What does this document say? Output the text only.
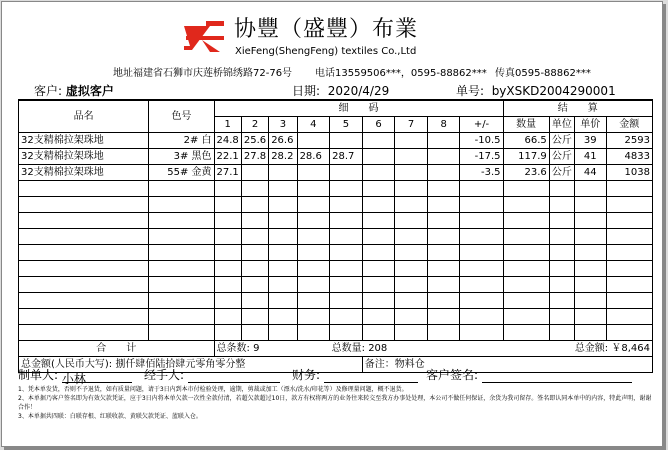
协豐（盛豐）布業
XieFeng(ShengFeng) textiles Co.,Ltd
地址福建省石狮市庆莲桥锦绣路72-76号 电话13559506***，0595-88862*** 传真0595-88862***
客户: 虚拟客户	日期: 2020/4/29	单号: byXSKD2004290001
品名	色号	细　　码									结　　算			
		1	2	3	4	5	6	7	8	+/-	数量	单位	单价	金额
32支精棉拉架珠地	2# 白	24.8	25.6	26.6						-10.5	66.5	公斤	39	2593
32支精棉拉架珠地	3# 黑色	22.1	27.8	28.2	28.6	28.7				-17.5	117.9	公斤	41	4833
32支精棉拉架珠地	55# 金黄	27.1								-3.5	23.6	公斤	44	1038

合　　计		总条数: 9				总数量: 208					总金额: ￥8,464			
总金额(人民币大写): 捌仟肆佰陆拾肆元零角零分整							备注：物料仓							
制单人: 小林	经手人:	财务:	客户签名:
1、凭本单发货，否则不予退货，如有质量问题，请于3日内到本市付检验处理，逾期，剪裁或加工（漂水/洗水/印花等）及修理量问题，概不退货。
2、本单据乃客户签名即为有效欠款凭证，应于3日内将本单欠款一次性全款付清，若超欠款超过10日，款方有权将两方的业务往来转交至我方办事处处理，本公司不做任何保证，余货为我司留存。签名即认同本单中的内容，特此声明，谢谢合作！
3、本单据共四联：白联存根、红联收款、黄联欠款凭证、蓝联入仓。
